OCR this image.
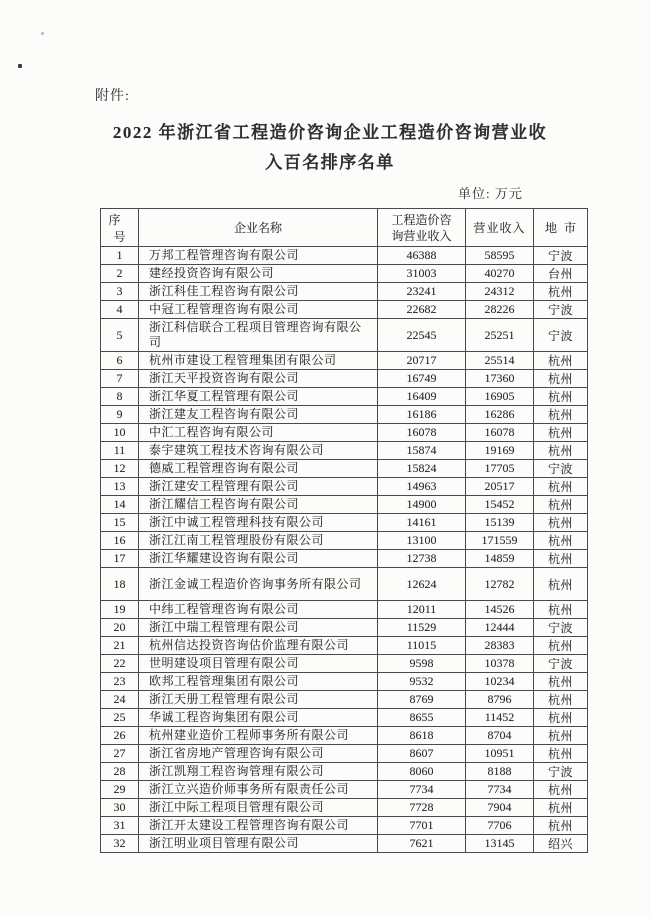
附件:
2022 年浙江省工程造价咨询企业工程造价咨询营业收
入百名排序名单
单位: 万元
序号	企业名称	工程造价咨询营业收入	营业收入	地市
1	万邦工程管理咨询有限公司	46388	58595	宁波
2	建经投资咨询有限公司	31003	40270	台州
3	浙江科佳工程咨询有限公司	23241	24312	杭州
4	中冠工程管理咨询有限公司	22682	28226	宁波
5	浙江科信联合工程项目管理咨询有限公司	22545	25251	宁波
6	杭州市建设工程管理集团有限公司	20717	25514	杭州
7	浙江天平投资咨询有限公司	16749	17360	杭州
8	浙江华夏工程管理有限公司	16409	16905	杭州
9	浙江建友工程咨询有限公司	16186	16286	杭州
10	中汇工程咨询有限公司	16078	16078	杭州
11	泰宇建筑工程技术咨询有限公司	15874	19169	杭州
12	德威工程管理咨询有限公司	15824	17705	宁波
13	浙江建安工程管理有限公司	14963	20517	杭州
14	浙江耀信工程咨询有限公司	14900	15452	杭州
15	浙江中诚工程管理科技有限公司	14161	15139	杭州
16	浙江江南工程管理股份有限公司	13100	171559	杭州
17	浙江华耀建设咨询有限公司	12738	14859	杭州
18	浙江金诚工程造价咨询事务所有限公司	12624	12782	杭州
19	中纬工程管理咨询有限公司	12011	14526	杭州
20	浙江中瑞工程管理有限公司	11529	12444	宁波
21	杭州信达投资咨询估价监理有限公司	11015	28383	杭州
22	世明建设项目管理有限公司	9598	10378	宁波
23	欧邦工程管理集团有限公司	9532	10234	杭州
24	浙江天册工程管理有限公司	8769	8796	杭州
25	华诚工程咨询集团有限公司	8655	11452	杭州
26	杭州建业造价工程师事务所有限公司	8618	8704	杭州
27	浙江省房地产管理咨询有限公司	8607	10951	杭州
28	浙江凯翔工程咨询管理有限公司	8060	8188	宁波
29	浙江立兴造价师事务所有限责任公司	7734	7734	杭州
30	浙江中际工程项目管理有限公司	7728	7904	杭州
31	浙江开太建设工程管理咨询有限公司	7701	7706	杭州
32	浙江明业项目管理有限公司	7621	13145	绍兴
